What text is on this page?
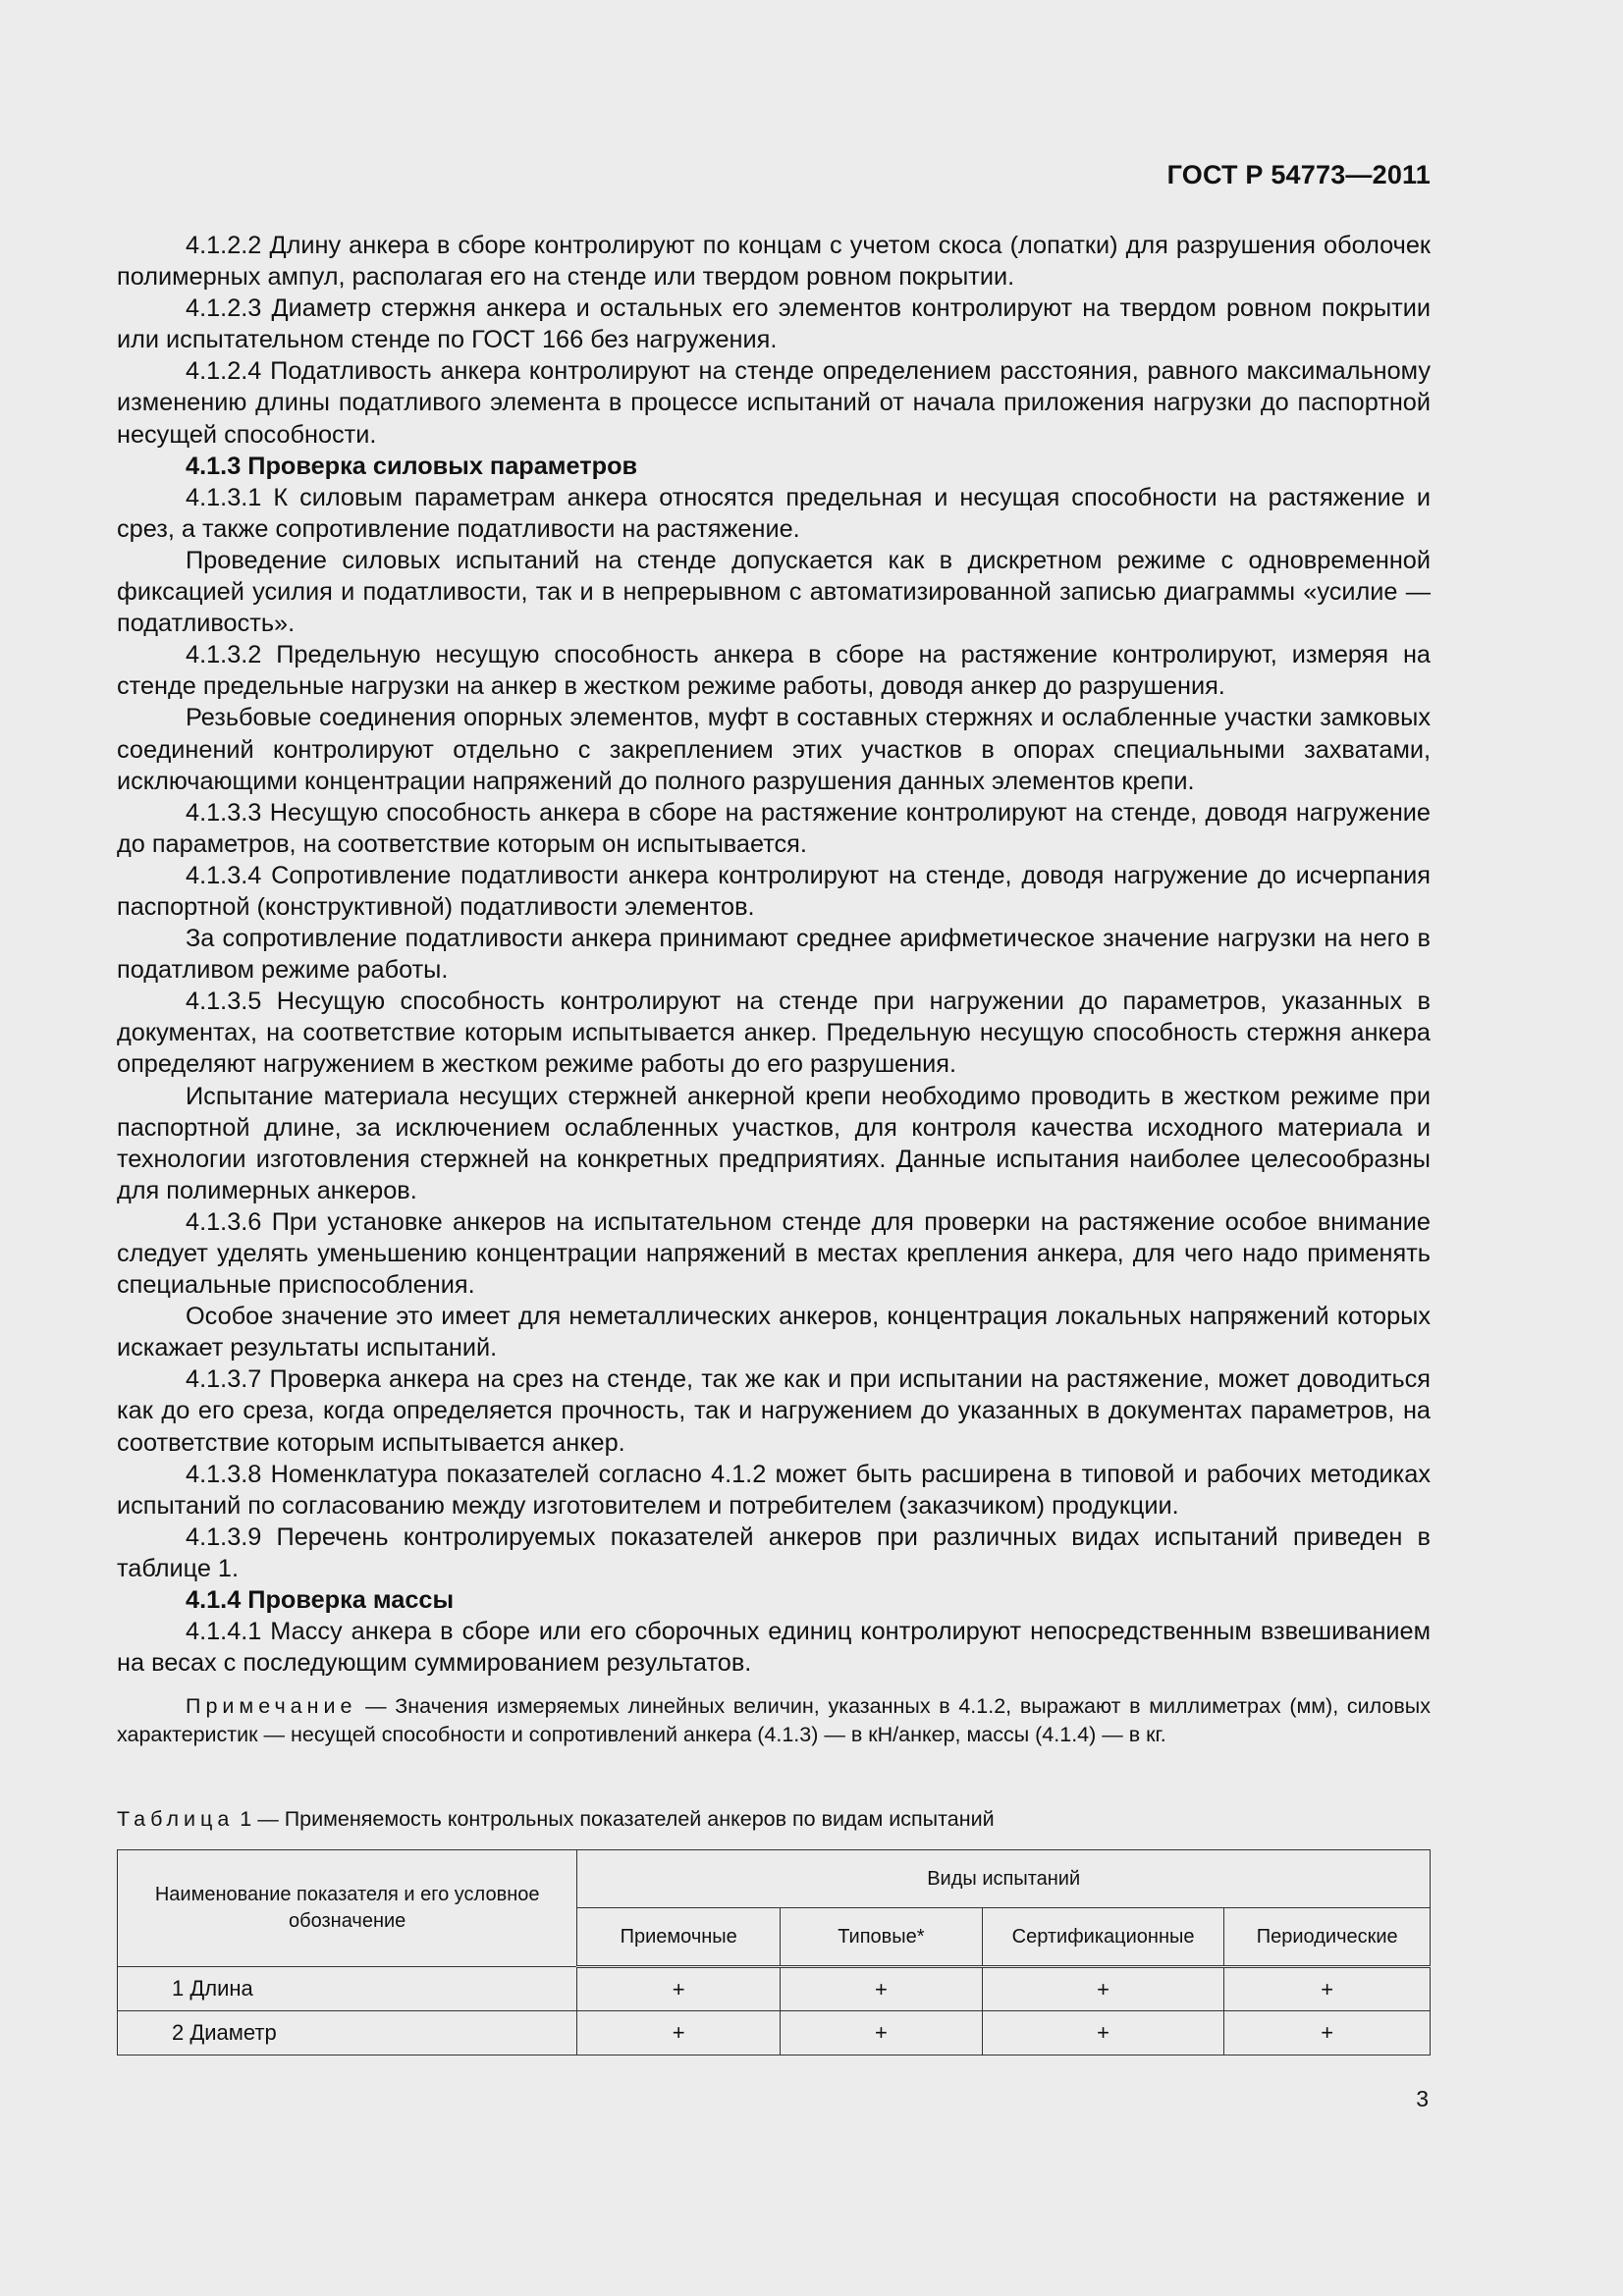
ГОСТ Р 54773—2011

4.1.2.2 Длину анкера в сборе контролируют по концам с учетом скоса (лопатки) для разрушения оболочек полимерных ампул, располагая его на стенде или твердом ровном покрытии.

4.1.2.3 Диаметр стержня анкера и остальных его элементов контролируют на твердом ровном покрытии или испытательном стенде по ГОСТ 166 без нагружения.

4.1.2.4 Податливость анкера контролируют на стенде определением расстояния, равного максимальному изменению длины податливого элемента в процессе испытаний от начала приложения нагрузки до паспортной несущей способности.

4.1.3 Проверка силовых параметров

4.1.3.1 К силовым параметрам анкера относятся предельная и несущая способности на растяжение и срез, а также сопротивление податливости на растяжение.

Проведение силовых испытаний на стенде допускается как в дискретном режиме с одновременной фиксацией усилия и податливости, так и в непрерывном с автоматизированной записью диаграммы «усилие — податливость».

4.1.3.2 Предельную несущую способность анкера в сборе на растяжение контролируют, измеряя на стенде предельные нагрузки на анкер в жестком режиме работы, доводя анкер до разрушения.

Резьбовые соединения опорных элементов, муфт в составных стержнях и ослабленные участки замковых соединений контролируют отдельно с закреплением этих участков в опорах специальными захватами, исключающими концентрации напряжений до полного разрушения данных элементов крепи.

4.1.3.3 Несущую способность анкера в сборе на растяжение контролируют на стенде, доводя нагружение до параметров, на соответствие которым он испытывается.

4.1.3.4 Сопротивление податливости анкера контролируют на стенде, доводя нагружение до исчерпания паспортной (конструктивной) податливости элементов.

За сопротивление податливости анкера принимают среднее арифметическое значение нагрузки на него в податливом режиме работы.

4.1.3.5 Несущую способность контролируют на стенде при нагружении до параметров, указанных в документах, на соответствие которым испытывается анкер. Предельную несущую способность стержня анкера определяют нагружением в жестком режиме работы до его разрушения.

Испытание материала несущих стержней анкерной крепи необходимо проводить в жестком режиме при паспортной длине, за исключением ослабленных участков, для контроля качества исходного материала и технологии изготовления стержней на конкретных предприятиях. Данные испытания наиболее целесообразны для полимерных анкеров.

4.1.3.6 При установке анкеров на испытательном стенде для проверки на растяжение особое внимание следует уделять уменьшению концентрации напряжений в местах крепления анкера, для чего надо применять специальные приспособления.

Особое значение это имеет для неметаллических анкеров, концентрация локальных напряжений которых искажает результаты испытаний.

4.1.3.7 Проверка анкера на срез на стенде, так же как и при испытании на растяжение, может доводиться как до его среза, когда определяется прочность, так и нагружением до указанных в документах параметров, на соответствие которым испытывается анкер.

4.1.3.8 Номенклатура показателей согласно 4.1.2 может быть расширена в типовой и рабочих методиках испытаний по согласованию между изготовителем и потребителем (заказчиком) продукции.

4.1.3.9 Перечень контролируемых показателей анкеров при различных видах испытаний приведен в таблице 1.

4.1.4 Проверка массы

4.1.4.1 Массу анкера в сборе или его сборочных единиц контролируют непосредственным взвешиванием на весах с последующим суммированием результатов.

Примечание — Значения измеряемых линейных величин, указанных в 4.1.2, выражают в миллиметрах (мм), силовых характеристик — несущей способности и сопротивлений анкера (4.1.3) — в кН/анкер, массы (4.1.4) — в кг.

Таблица 1 — Применяемость контрольных показателей анкеров по видам испытаний
Наименование показателя и его условное обозначение	Виды испытаний			
	Приемочные	Типовые*	Сертификационные	Периодические
1 Длина	+	+	+	+
2 Диаметр	+	+	+	+
3
